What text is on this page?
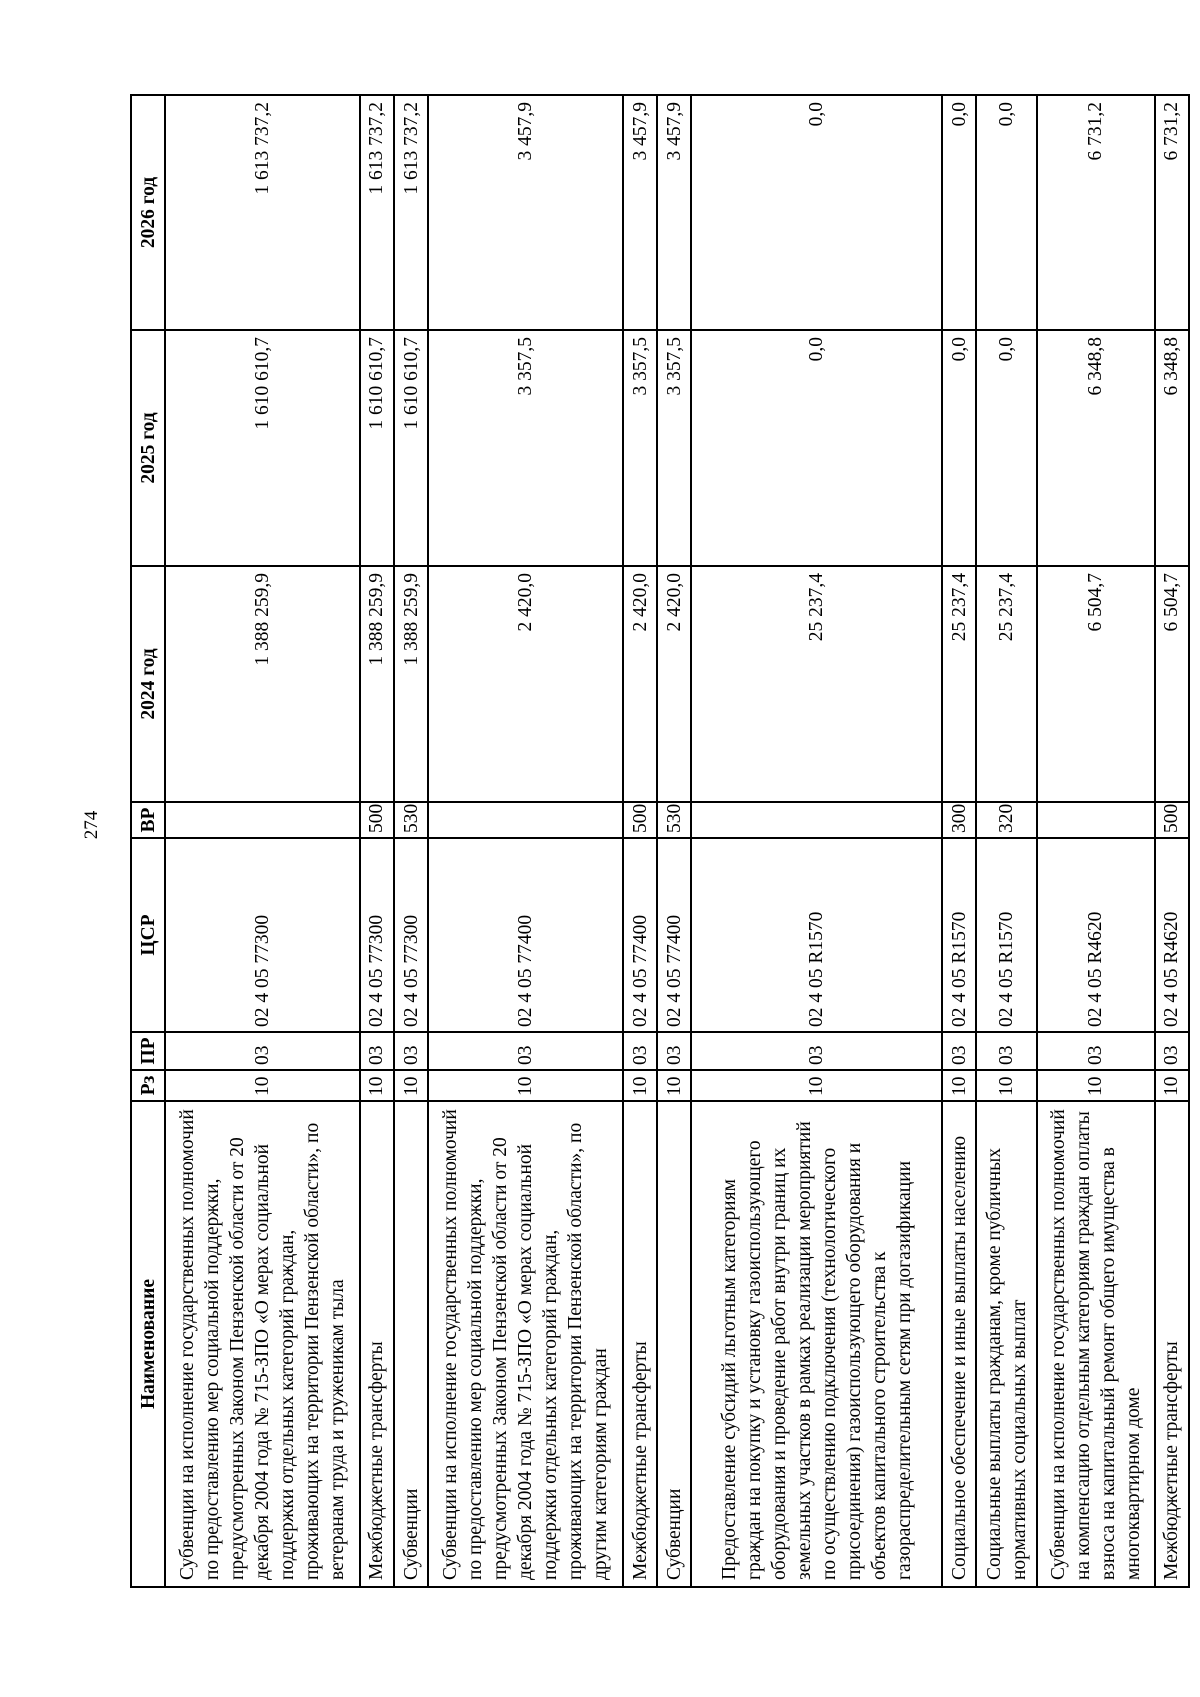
274
Наименование	Рз	ПР	ЦСР	ВР	2024 год	2025 год	2026 год
Субвенции на исполнение государственных полномочий по предоставлению мер социальной поддержки, предусмотренных Законом Пензенской области от 20 декабря 2004 года № 715-ЗПО «О мерах социальной поддержки отдельных категорий граждан, проживающих на территории Пензенской области», по ветеранам труда и труженикам тыла	10	03	02 4 05 77300		1 388 259,9	1 610 610,7	1 613 737,2
Межбюджетные трансферты	10	03	02 4 05 77300	500	1 388 259,9	1 610 610,7	1 613 737,2
Субвенции	10	03	02 4 05 77300	530	1 388 259,9	1 610 610,7	1 613 737,2
Субвенции на исполнение государственных полномочий по предоставлению мер социальной поддержки, предусмотренных Законом Пензенской области от 20 декабря 2004 года № 715-ЗПО «О мерах социальной поддержки отдельных категорий граждан, проживающих на территории Пензенской области», по другим категориям граждан	10	03	02 4 05 77400		2 420,0	3 357,5	3 457,9
Межбюджетные трансферты	10	03	02 4 05 77400	500	2 420,0	3 357,5	3 457,9
Субвенции	10	03	02 4 05 77400	530	2 420,0	3 357,5	3 457,9
Предоставление субсидий льготным категориям граждан на покупку и установку газоиспользующего оборудования и проведение работ внутри границ их земельных участков в рамках реализации мероприятий по осуществлению подключения (технологического присоединения) газоиспользующего оборудования и объектов капитального строительства к газораспределительным сетям при догазификации	10	03	02 4 05 R1570		25 237,4	0,0	0,0
Социальное обеспечение и иные выплаты населению	10	03	02 4 05 R1570	300	25 237,4	0,0	0,0
Социальные выплаты гражданам, кроме публичных нормативных социальных выплат	10	03	02 4 05 R1570	320	25 237,4	0,0	0,0
Субвенции на исполнение государственных полномочий на компенсацию отдельным категориям граждан оплаты взноса на капитальный ремонт общего имущества в многоквартирном доме	10	03	02 4 05 R4620		6 504,7	6 348,8	6 731,2
Межбюджетные трансферты	10	03	02 4 05 R4620	500	6 504,7	6 348,8	6 731,2
